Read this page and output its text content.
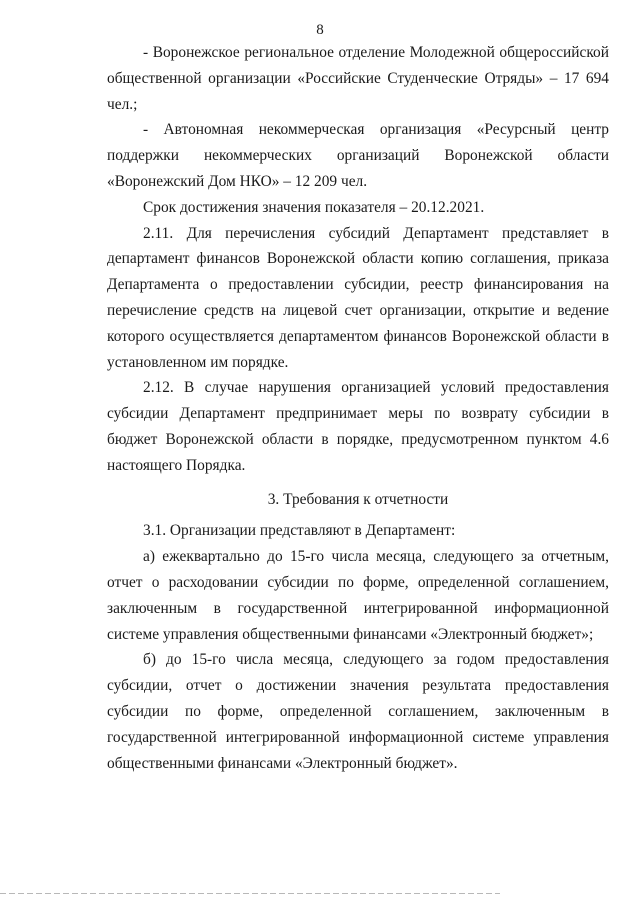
8

- Воронежское региональное отделение Молодежной общероссийской общественной организации «Российские Студенческие Отряды» – 17 694 чел.;

- Автономная некоммерческая организация «Ресурсный центр поддержки некоммерческих организаций Воронежской области «Воронежский Дом НКО» – 12 209 чел.

Срок достижения значения показателя – 20.12.2021.

2.11. Для перечисления субсидий Департамент представляет в департамент финансов Воронежской области копию соглашения, приказа Департамента о предоставлении субсидии, реестр финансирования на перечисление средств на лицевой счет организации, открытие и ведение которого осуществляется департаментом финансов Воронежской области в установленном им порядке.

2.12. В случае нарушения организацией условий предоставления субсидии Департамент предпринимает меры по возврату субсидии в бюджет Воронежской области в порядке, предусмотренном пунктом 4.6 настоящего Порядка.

3. Требования к отчетности

3.1. Организации представляют в Департамент:

а) ежеквартально до 15-го числа месяца, следующего за отчетным, отчет о расходовании субсидии по форме, определенной соглашением, заключенным в государственной интегрированной информационной системе управления общественными финансами «Электронный бюджет»;

б) до 15-го числа месяца, следующего за годом предоставления субсидии, отчет о достижении значения результата предоставления субсидии по форме, определенной соглашением, заключенным в государственной интегрированной информационной системе управления общественными финансами «Электронный бюджет».
